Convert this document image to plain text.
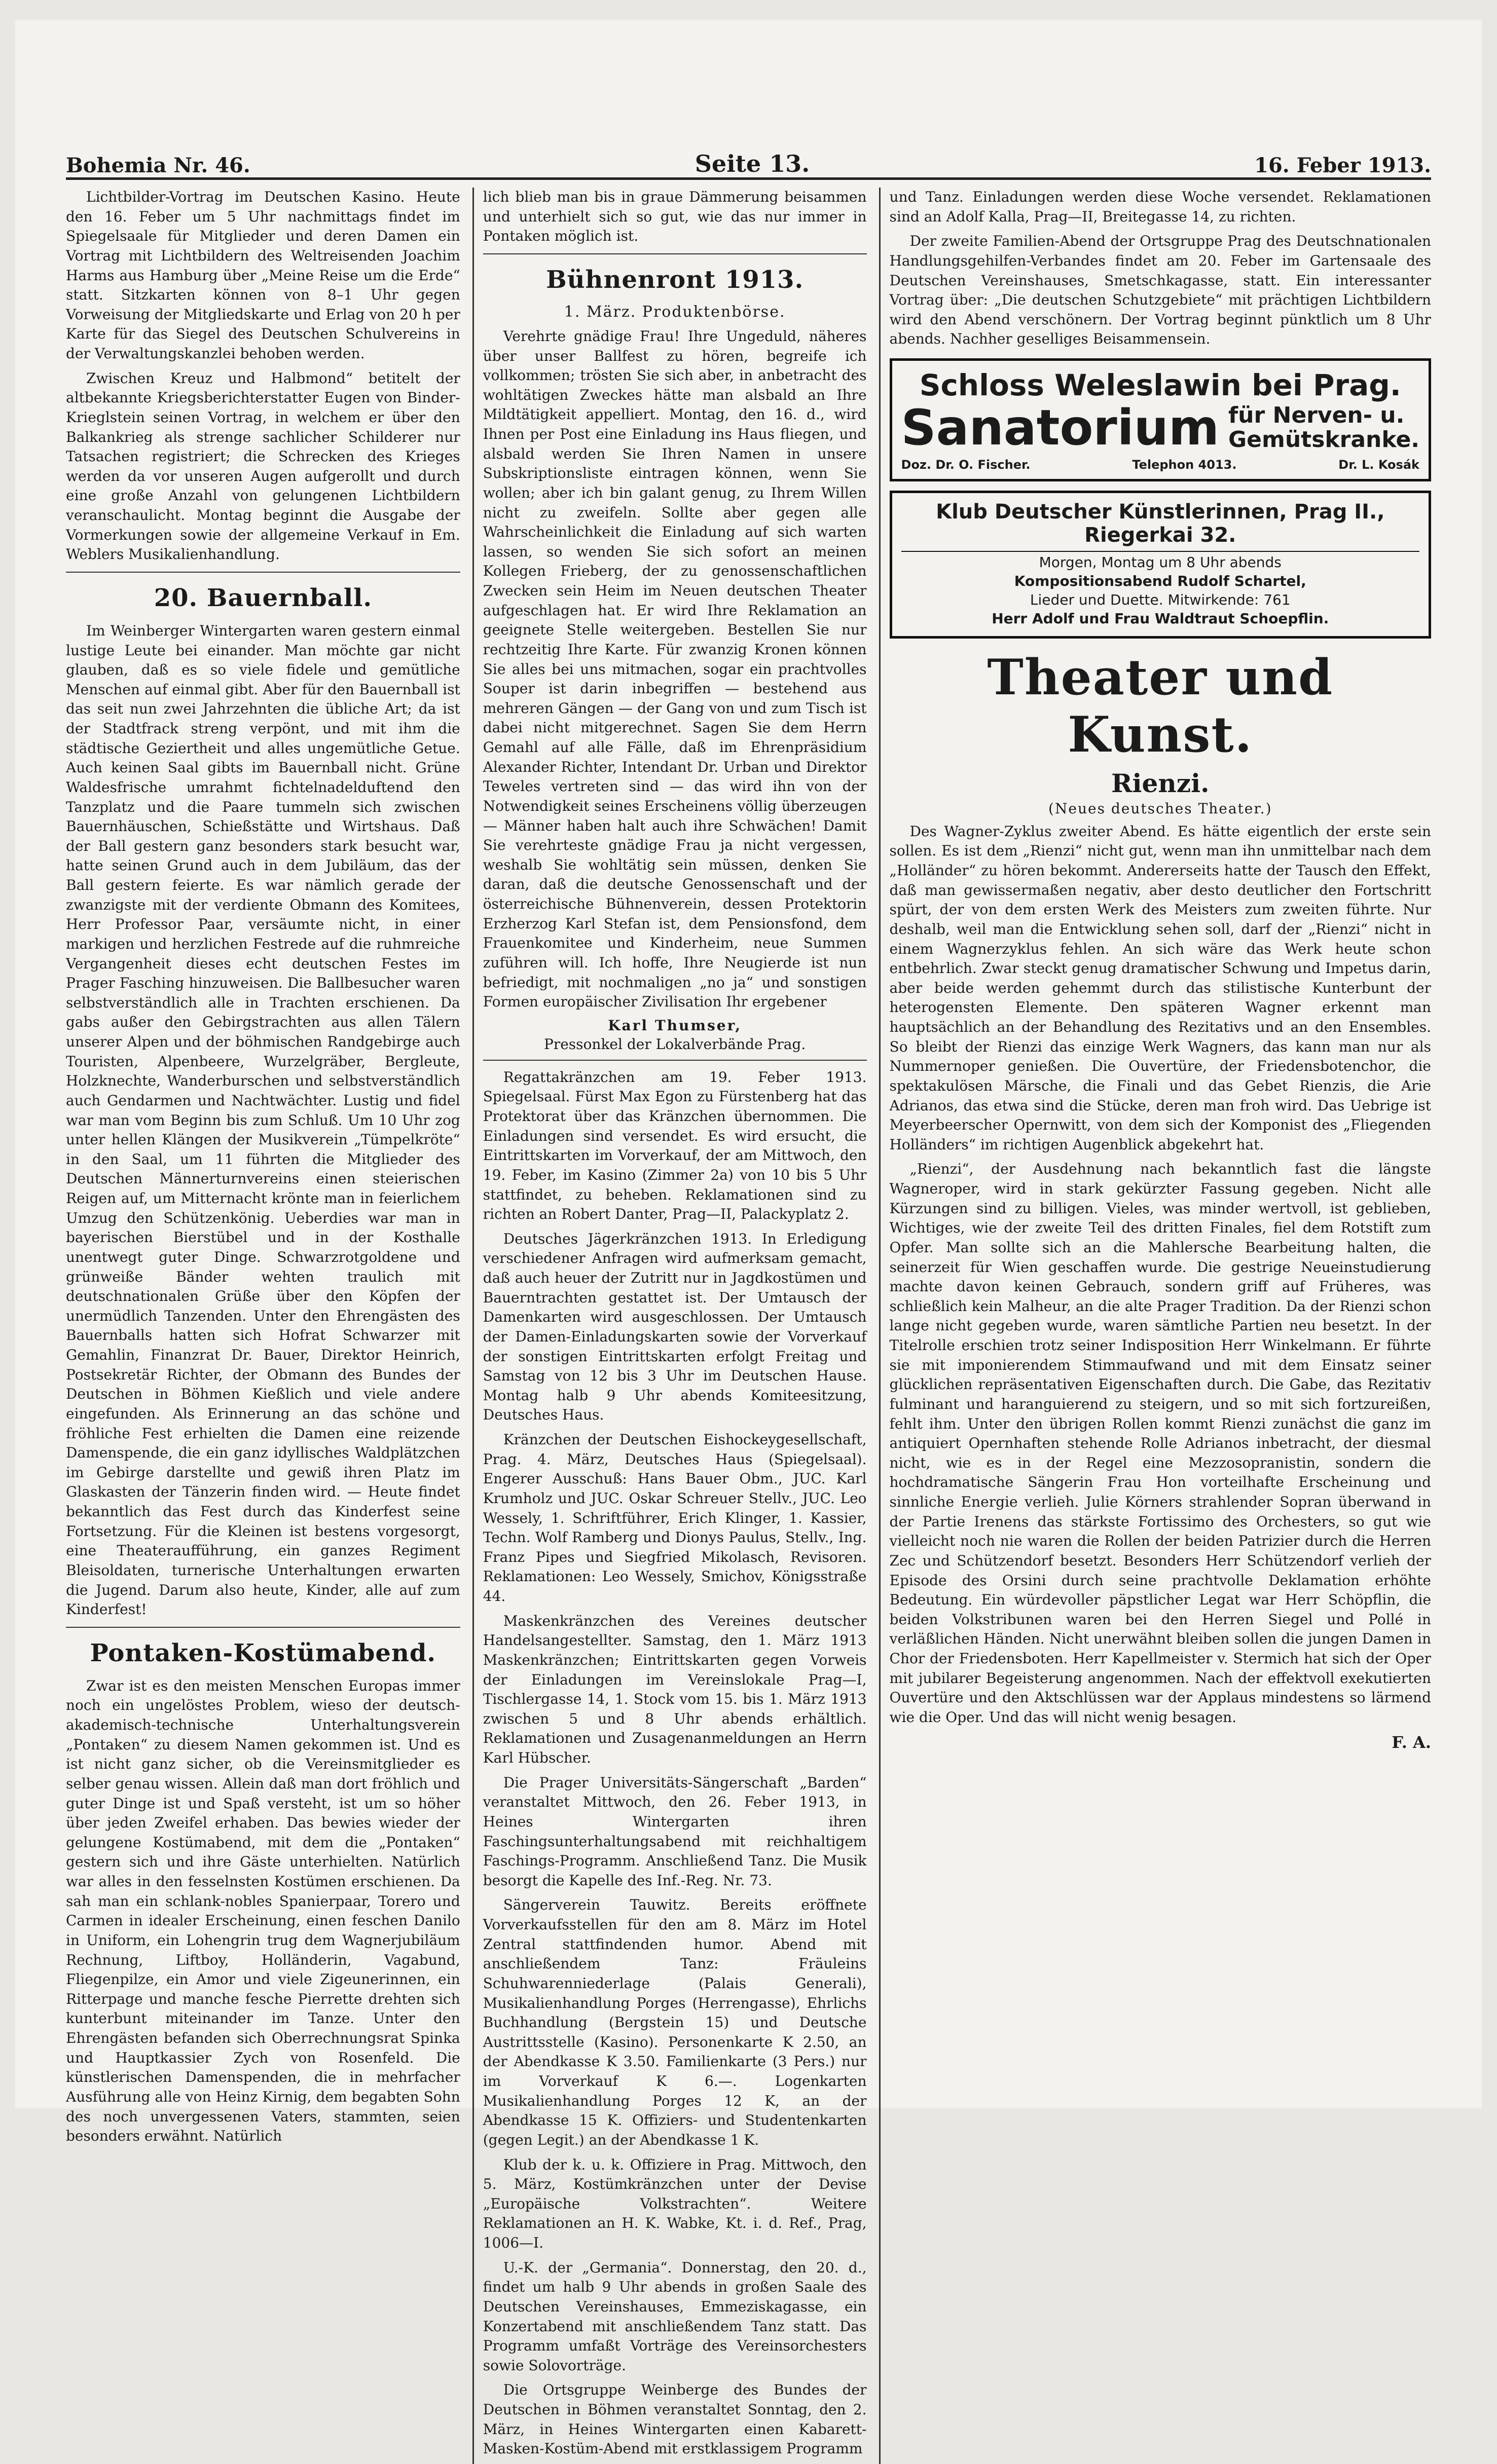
Bohemia Nr. 46.	Seite 13.	16. Feber 1913.

Lichtbilder-Vortrag im Deutschen Kasino. Heute den 16. Feber um 5 Uhr nachmittags findet im Spiegelsaale für Mitglieder und deren Damen ein Vortrag mit Lichtbildern des Weltreisenden Joachim Harms aus Hamburg über „Meine Reise um die Erde“ statt. Sitzkarten können von 8–1 Uhr gegen Vorweisung der Mitgliedskarte und Erlag von 20 h per Karte für das Siegel des Deutschen Schulvereins in der Verwaltungskanzlei behoben werden.

Zwischen Kreuz und Halbmond“ betitelt der altbekannte Kriegsberichterstatter Eugen von Binder-Krieglstein seinen Vortrag, in welchem er über den Balkankrieg als strenge sachlicher Schilderer nur Tatsachen registriert; die Schrecken des Krieges werden da vor unseren Augen aufgerollt und durch eine große Anzahl von gelungenen Lichtbildern veranschaulicht. Montag beginnt die Ausgabe der Vormerkungen sowie der allgemeine Verkauf in Em. Weblers Musikalienhandlung.

20. Bauernball.

Im Weinberger Wintergarten waren gestern einmal lustige Leute bei einander. Man möchte gar nicht glauben, daß es so viele fidele und gemütliche Menschen auf einmal gibt. Aber für den Bauernball ist das seit nun zwei Jahrzehnten die übliche Art; da ist der Stadtfrack streng verpönt, und mit ihm die städtische Geziertheit und alles ungemütliche Getue. Auch keinen Saal gibts im Bauernball nicht. Grüne Waldesfrische umrahmt fichtelnadelduftend den Tanzplatz und die Paare tummeln sich zwischen Bauernhäuschen, Schießstätte und Wirtshaus. Daß der Ball gestern ganz besonders stark besucht war, hatte seinen Grund auch in dem Jubiläum, das der Ball gestern feierte. Es war nämlich gerade der zwanzigste mit der verdiente Obmann des Komitees, Herr Professor Paar, versäumte nicht, in einer markigen und herzlichen Festrede auf die ruhmreiche Vergangenheit dieses echt deutschen Festes im Prager Fasching hinzuweisen. Die Ballbesucher waren selbstverständlich alle in Trachten erschienen. Da gabs außer den Gebirgstrachten aus allen Tälern unserer Alpen und der böhmischen Randgebirge auch Touristen, Alpenbeere, Wurzelgräber, Bergleute, Holzknechte, Wanderburschen und selbstverständlich auch Gendarmen und Nachtwächter. Lustig und fidel war man vom Beginn bis zum Schluß. Um 10 Uhr zog unter hellen Klängen der Musikverein „Tümpelkröte“ in den Saal, um 11 führten die Mitglieder des Deutschen Männerturnvereins einen steierischen Reigen auf, um Mitternacht krönte man in feierlichem Umzug den Schützenkönig. Ueberdies war man in bayerischen Bierstübel und in der Kosthalle unentwegt guter Dinge. Schwarzrotgoldene und grünweiße Bänder wehten traulich mit deutschnationalen Grüße über den Köpfen der unermüdlich Tanzenden. Unter den Ehrengästen des Bauernballs hatten sich Hofrat Schwarzer mit Gemahlin, Finanzrat Dr. Bauer, Direktor Heinrich, Postsekretär Richter, der Obmann des Bundes der Deutschen in Böhmen Kießlich und viele andere eingefunden. Als Erinnerung an das schöne und fröhliche Fest erhielten die Damen eine reizende Damenspende, die ein ganz idyllisches Waldplätzchen im Gebirge darstellte und gewiß ihren Platz im Glaskasten der Tänzerin finden wird. — Heute findet bekanntlich das Fest durch das Kinderfest seine Fortsetzung. Für die Kleinen ist bestens vorgesorgt, eine Theateraufführung, ein ganzes Regiment Bleisoldaten, turnerische Unterhaltungen erwarten die Jugend. Darum also heute, Kinder, alle auf zum Kinderfest!

Pontaken-Kostümabend.

Zwar ist es den meisten Menschen Europas immer noch ein ungelöstes Problem, wieso der deutsch-akademisch-technische Unterhaltungsverein „Pontaken“ zu diesem Namen gekommen ist. Und es ist nicht ganz sicher, ob die Vereinsmitglieder es selber genau wissen. Allein daß man dort fröhlich und guter Dinge ist und Spaß versteht, ist um so höher über jeden Zweifel erhaben. Das bewies wieder der gelungene Kostümabend, mit dem die „Pontaken“ gestern sich und ihre Gäste unterhielten. Natürlich war alles in den fesselnsten Kostümen erschienen. Da sah man ein schlank-nobles Spanierpaar, Torero und Carmen in idealer Erscheinung, einen feschen Danilo in Uniform, ein Lohengrin trug dem Wagnerjubiläum Rechnung, Liftboy, Holländerin, Vagabund, Fliegenpilze, ein Amor und viele Zigeunerinnen, ein Ritterpage und manche fesche Pierrette drehten sich kunterbunt miteinander im Tanze. Unter den Ehrengästen befanden sich Oberrechnungsrat Spinka und Hauptkassier Zych von Rosenfeld. Die künstlerischen Damenspenden, die in mehrfacher Ausführung alle von Heinz Kirnig, dem begabten Sohn des noch unvergessenen Vaters, stammten, seien besonders erwähnt. Natürlich

lich blieb man bis in graue Dämmerung beisammen und unterhielt sich so gut, wie das nur immer in Pontaken möglich ist.

Bühnenront 1913.
1. März. Produktenbörse.

Verehrte gnädige Frau! Ihre Ungeduld, näheres über unser Ballfest zu hören, begreife ich vollkommen; trösten Sie sich aber, in anbetracht des wohltätigen Zweckes hätte man alsbald an Ihre Mildtätigkeit appelliert. Montag, den 16. d., wird Ihnen per Post eine Einladung ins Haus fliegen, und alsbald werden Sie Ihren Namen in unsere Subskriptionsliste eintragen können, wenn Sie wollen; aber ich bin galant genug, zu Ihrem Willen nicht zu zweifeln. Sollte aber gegen alle Wahrscheinlichkeit die Einladung auf sich warten lassen, so wenden Sie sich sofort an meinen Kollegen Frieberg, der zu genossenschaftlichen Zwecken sein Heim im Neuen deutschen Theater aufgeschlagen hat. Er wird Ihre Reklamation an geeignete Stelle weitergeben. Bestellen Sie nur rechtzeitig Ihre Karte. Für zwanzig Kronen können Sie alles bei uns mitmachen, sogar ein prachtvolles Souper ist darin inbegriffen — bestehend aus mehreren Gängen — der Gang von und zum Tisch ist dabei nicht mitgerechnet. Sagen Sie dem Herrn Gemahl auf alle Fälle, daß im Ehrenpräsidium Alexander Richter, Intendant Dr. Urban und Direktor Teweles vertreten sind — das wird ihn von der Notwendigkeit seines Erscheinens völlig überzeugen — Männer haben halt auch ihre Schwächen! Damit Sie verehrteste gnädige Frau ja nicht vergessen, weshalb Sie wohltätig sein müssen, denken Sie daran, daß die deutsche Genossenschaft und der österreichische Bühnenverein, dessen Protektorin Erzherzog Karl Stefan ist, dem Pensionsfond, dem Frauenkomitee und Kinderheim, neue Summen zuführen will. Ich hoffe, Ihre Neugierde ist nun befriedigt, mit nochmaligen „no ja“ und sonstigen Formen europäischer Zivilisation Ihr ergebener

Karl Thumser,
Pressonkel der Lokalverbände Prag.

Regattakränzchen am 19. Feber 1913. Spiegelsaal. Fürst Max Egon zu Fürstenberg hat das Protektorat über das Kränzchen übernommen. Die Einladungen sind versendet. Es wird ersucht, die Eintrittskarten im Vorverkauf, der am Mittwoch, den 19. Feber, im Kasino (Zimmer 2a) von 10 bis 5 Uhr stattfindet, zu beheben. Reklamationen sind zu richten an Robert Danter, Prag—II, Palackyplatz 2.

Deutsches Jägerkränzchen 1913. In Erledigung verschiedener Anfragen wird aufmerksam gemacht, daß auch heuer der Zutritt nur in Jagdkostümen und Bauerntrachten gestattet ist. Der Umtausch der Damenkarten wird ausgeschlossen. Der Umtausch der Damen-Einladungskarten sowie der Vorverkauf der sonstigen Eintrittskarten erfolgt Freitag und Samstag von 12 bis 3 Uhr im Deutschen Hause. Montag halb 9 Uhr abends Komiteesitzung, Deutsches Haus.

Kränzchen der Deutschen Eishockeygesellschaft, Prag. 4. März, Deutsches Haus (Spiegelsaal). Engerer Ausschuß: Hans Bauer Obm., JUC. Karl Krumholz und JUC. Oskar Schreuer Stellv., JUC. Leo Wessely, 1. Schriftführer, Erich Klinger, 1. Kassier, Techn. Wolf Ramberg und Dionys Paulus, Stellv., Ing. Franz Pipes und Siegfried Mikolasch, Revisoren. Reklamationen: Leo Wessely, Smichov, Königsstraße 44.

Maskenkränzchen des Vereines deutscher Handelsangestellter. Samstag, den 1. März 1913 Maskenkränzchen; Eintrittskarten gegen Vorweis der Einladungen im Vereinslokale Prag—I, Tischlergasse 14, 1. Stock vom 15. bis 1. März 1913 zwischen 5 und 8 Uhr abends erhältlich. Reklamationen und Zusagenanmeldungen an Herrn Karl Hübscher.

Die Prager Universitäts-Sängerschaft „Barden“ veranstaltet Mittwoch, den 26. Feber 1913, in Heines Wintergarten ihren Faschingsunterhaltungsabend mit reichhaltigem Faschings-Programm. Anschließend Tanz. Die Musik besorgt die Kapelle des Inf.-Reg. Nr. 73.

Sängerverein Tauwitz. Bereits eröffnete Vorverkaufsstellen für den am 8. März im Hotel Zentral stattfindenden humor. Abend mit anschließendem Tanz: Fräuleins Schuhwarenniederlage (Palais Generali), Musikalienhandlung Porges (Herrengasse), Ehrlichs Buchhandlung (Bergstein 15) und Deutsche Austrittsstelle (Kasino). Personenkarte K 2.50, an der Abendkasse K 3.50. Familienkarte (3 Pers.) nur im Vorverkauf K 6.—. Logenkarten Musikalienhandlung Porges 12 K, an der Abendkasse 15 K. Offiziers- und Studentenkarten (gegen Legit.) an der Abendkasse 1 K.

Klub der k. u. k. Offiziere in Prag. Mittwoch, den 5. März, Kostümkränzchen unter der Devise „Europäische Volkstrachten“. Weitere Reklamationen an H. K. Wabke, Kt. i. d. Ref., Prag, 1006—I.

U.-K. der „Germania“. Donnerstag, den 20. d., findet um halb 9 Uhr abends in großen Saale des Deutschen Vereinshauses, Emmeziskagasse, ein Konzertabend mit anschließendem Tanz statt. Das Programm umfaßt Vorträge des Vereinsorchesters sowie Solovorträge.

Die Ortsgruppe Weinberge des Bundes der Deutschen in Böhmen veranstaltet Sonntag, den 2. März, in Heines Wintergarten einen Kabarett-Masken-Kostüm-Abend mit erstklassigem Programm

und Tanz. Einladungen werden diese Woche versendet. Reklamationen sind an Adolf Kalla, Prag—II, Breitegasse 14, zu richten.

Der zweite Familien-Abend der Ortsgruppe Prag des Deutschnationalen Handlungsgehilfen-Verbandes findet am 20. Feber im Gartensaale des Deutschen Vereinshauses, Smetschkagasse, statt. Ein interessanter Vortrag über: „Die deutschen Schutzgebiete“ mit prächtigen Lichtbildern wird den Abend verschönern. Der Vortrag beginnt pünktlich um 8 Uhr abends. Nachher geselliges Beisammensein.

Schloss Weleslawin bei Prag.
Sanatorium für Nerven- u.
Gemütskranke.
Doz. Dr. O. Fischer.	Telephon 4013.	Dr. L. Kosák
Klub Deutscher Künstlerinnen, Prag II., Riegerkai 32.
Morgen, Montag um 8 Uhr abends
Kompositionsabend Rudolf Schartel,
Lieder und Duette. Mitwirkende: 761
Herr Adolf und Frau Waldtraut Schoepflin.
Theater und Kunst.
Rienzi.
(Neues deutsches Theater.)

Des Wagner-Zyklus zweiter Abend. Es hätte eigentlich der erste sein sollen. Es ist dem „Rienzi“ nicht gut, wenn man ihn unmittelbar nach dem „Holländer“ zu hören bekommt. Andererseits hatte der Tausch den Effekt, daß man gewissermaßen negativ, aber desto deutlicher den Fortschritt spürt, der von dem ersten Werk des Meisters zum zweiten führte. Nur deshalb, weil man die Entwicklung sehen soll, darf der „Rienzi“ nicht in einem Wagnerzyklus fehlen. An sich wäre das Werk heute schon entbehrlich. Zwar steckt genug dramatischer Schwung und Impetus darin, aber beide werden gehemmt durch das stilistische Kunterbunt der heterogensten Elemente. Den späteren Wagner erkennt man hauptsächlich an der Behandlung des Rezitativs und an den Ensembles. So bleibt der Rienzi das einzige Werk Wagners, das kann man nur als Nummernoper genießen. Die Ouvertüre, der Friedensbotenchor, die spektakulösen Märsche, die Finali und das Gebet Rienzis, die Arie Adrianos, das etwa sind die Stücke, deren man froh wird. Das Uebrige ist Meyerbeerscher Opernwitt, von dem sich der Komponist des „Fliegenden Holländers“ im richtigen Augenblick abgekehrt hat.

„Rienzi“, der Ausdehnung nach bekanntlich fast die längste Wagneroper, wird in stark gekürzter Fassung gegeben. Nicht alle Kürzungen sind zu billigen. Vieles, was minder wertvoll, ist geblieben, Wichtiges, wie der zweite Teil des dritten Finales, fiel dem Rotstift zum Opfer. Man sollte sich an die Mahlersche Bearbeitung halten, die seinerzeit für Wien geschaffen wurde. Die gestrige Neueinstudierung machte davon keinen Gebrauch, sondern griff auf Früheres, was schließlich kein Malheur, an die alte Prager Tradition. Da der Rienzi schon lange nicht gegeben wurde, waren sämtliche Partien neu besetzt. In der Titelrolle erschien trotz seiner Indisposition Herr Winkelmann. Er führte sie mit imponierendem Stimmaufwand und mit dem Einsatz seiner glücklichen repräsentativen Eigenschaften durch. Die Gabe, das Rezitativ fulminant und haranguierend zu steigern, und so mit sich fortzureißen, fehlt ihm. Unter den übrigen Rollen kommt Rienzi zunächst die ganz im antiquiert Opernhaften stehende Rolle Adrianos inbetracht, der diesmal nicht, wie es in der Regel eine Mezzosopranistin, sondern die hochdramatische Sängerin Frau Hon vorteilhafte Erscheinung und sinnliche Energie verlieh. Julie Körners strahlender Sopran überwand in der Partie Irenens das stärkste Fortissimo des Orchesters, so gut wie vielleicht noch nie waren die Rollen der beiden Patrizier durch die Herren Zec und Schützendorf besetzt. Besonders Herr Schützendorf verlieh der Episode des Orsini durch seine prachtvolle Deklamation erhöhte Bedeutung. Ein würdevoller päpstlicher Legat war Herr Schöpflin, die beiden Volkstribunen waren bei den Herren Siegel und Pollé in verläßlichen Händen. Nicht unerwähnt bleiben sollen die jungen Damen in Chor der Friedensboten. Herr Kapellmeister v. Stermich hat sich der Oper mit jubilarer Begeisterung angenommen. Nach der effektvoll exekutierten Ouvertüre und den Aktschlüssen war der Applaus mindestens so lärmend wie die Oper. Und das will nicht wenig besagen.

F. A.
